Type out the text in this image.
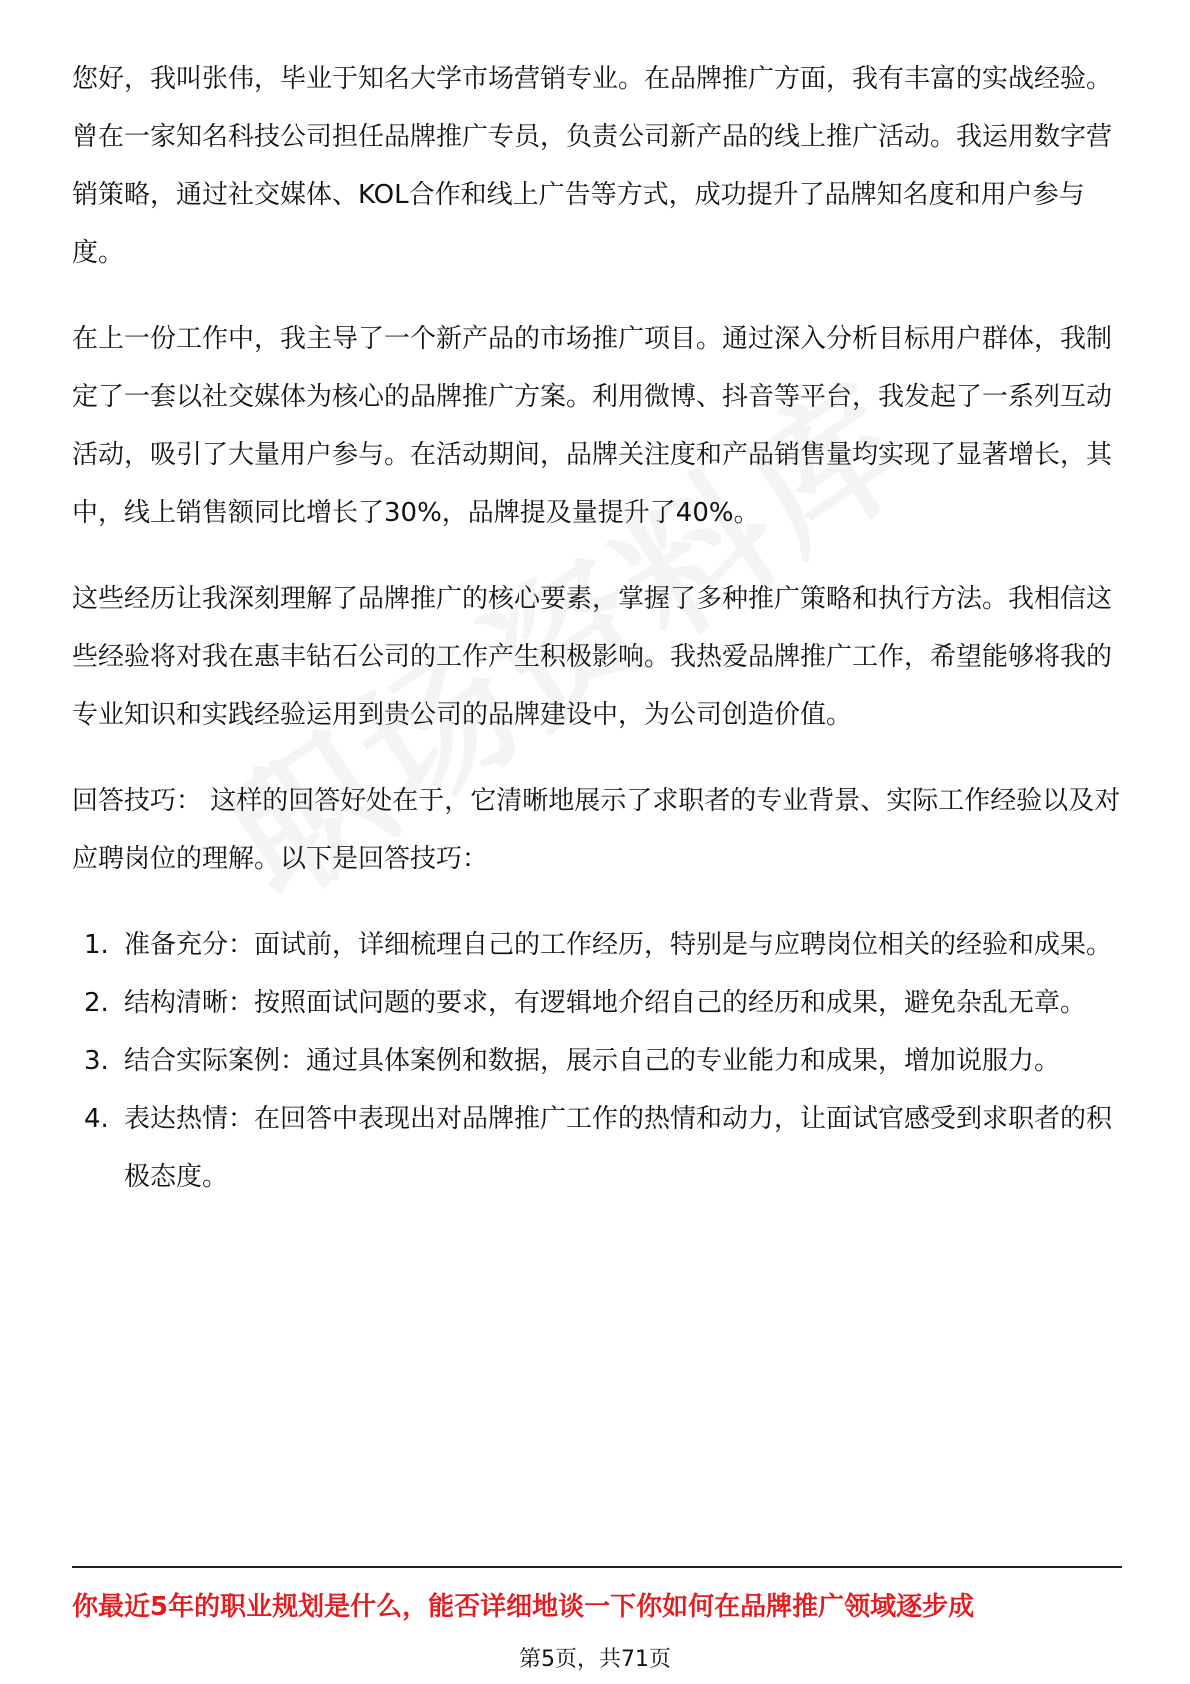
您好，我叫张伟，毕业于知名大学市场营销专业。在品牌推广方面，我有丰富的实战经验。曾在一家知名科技公司担任品牌推广专员，负责公司新产品的线上推广活动。我运用数字营销策略，通过社交媒体、KOL合作和线上广告等方式，成功提升了品牌知名度和用户参与度。

在上一份工作中，我主导了一个新产品的市场推广项目。通过深入分析目标用户群体，我制定了一套以社交媒体为核心的品牌推广方案。利用微博、抖音等平台，我发起了一系列互动活动，吸引了大量用户参与。在活动期间，品牌关注度和产品销售量均实现了显著增长，其中，线上销售额同比增长了30%，品牌提及量提升了40%。

这些经历让我深刻理解了品牌推广的核心要素，掌握了多种推广策略和执行方法。我相信这些经验将对我在惠丰钻石公司的工作产生积极影响。我热爱品牌推广工作，希望能够将我的专业知识和实践经验运用到贵公司的品牌建设中，为公司创造价值。

回答技巧： 这样的回答好处在于，它清晰地展示了求职者的专业背景、实际工作经验以及对应聘岗位的理解。以下是回答技巧：

1. 准备充分：面试前，详细梳理自己的工作经历，特别是与应聘岗位相关的经验和成果。
2. 结构清晰：按照面试问题的要求，有逻辑地介绍自己的经历和成果，避免杂乱无章。
3. 结合实际案例：通过具体案例和数据，展示自己的专业能力和成果，增加说服力。
4. 表达热情：在回答中表现出对品牌推广工作的热情和动力，让面试官感受到求职者的积极态度。
你最近5年的职业规划是什么，能否详细地谈一下你如何在品牌推广领域逐步成
第5页，共71页
